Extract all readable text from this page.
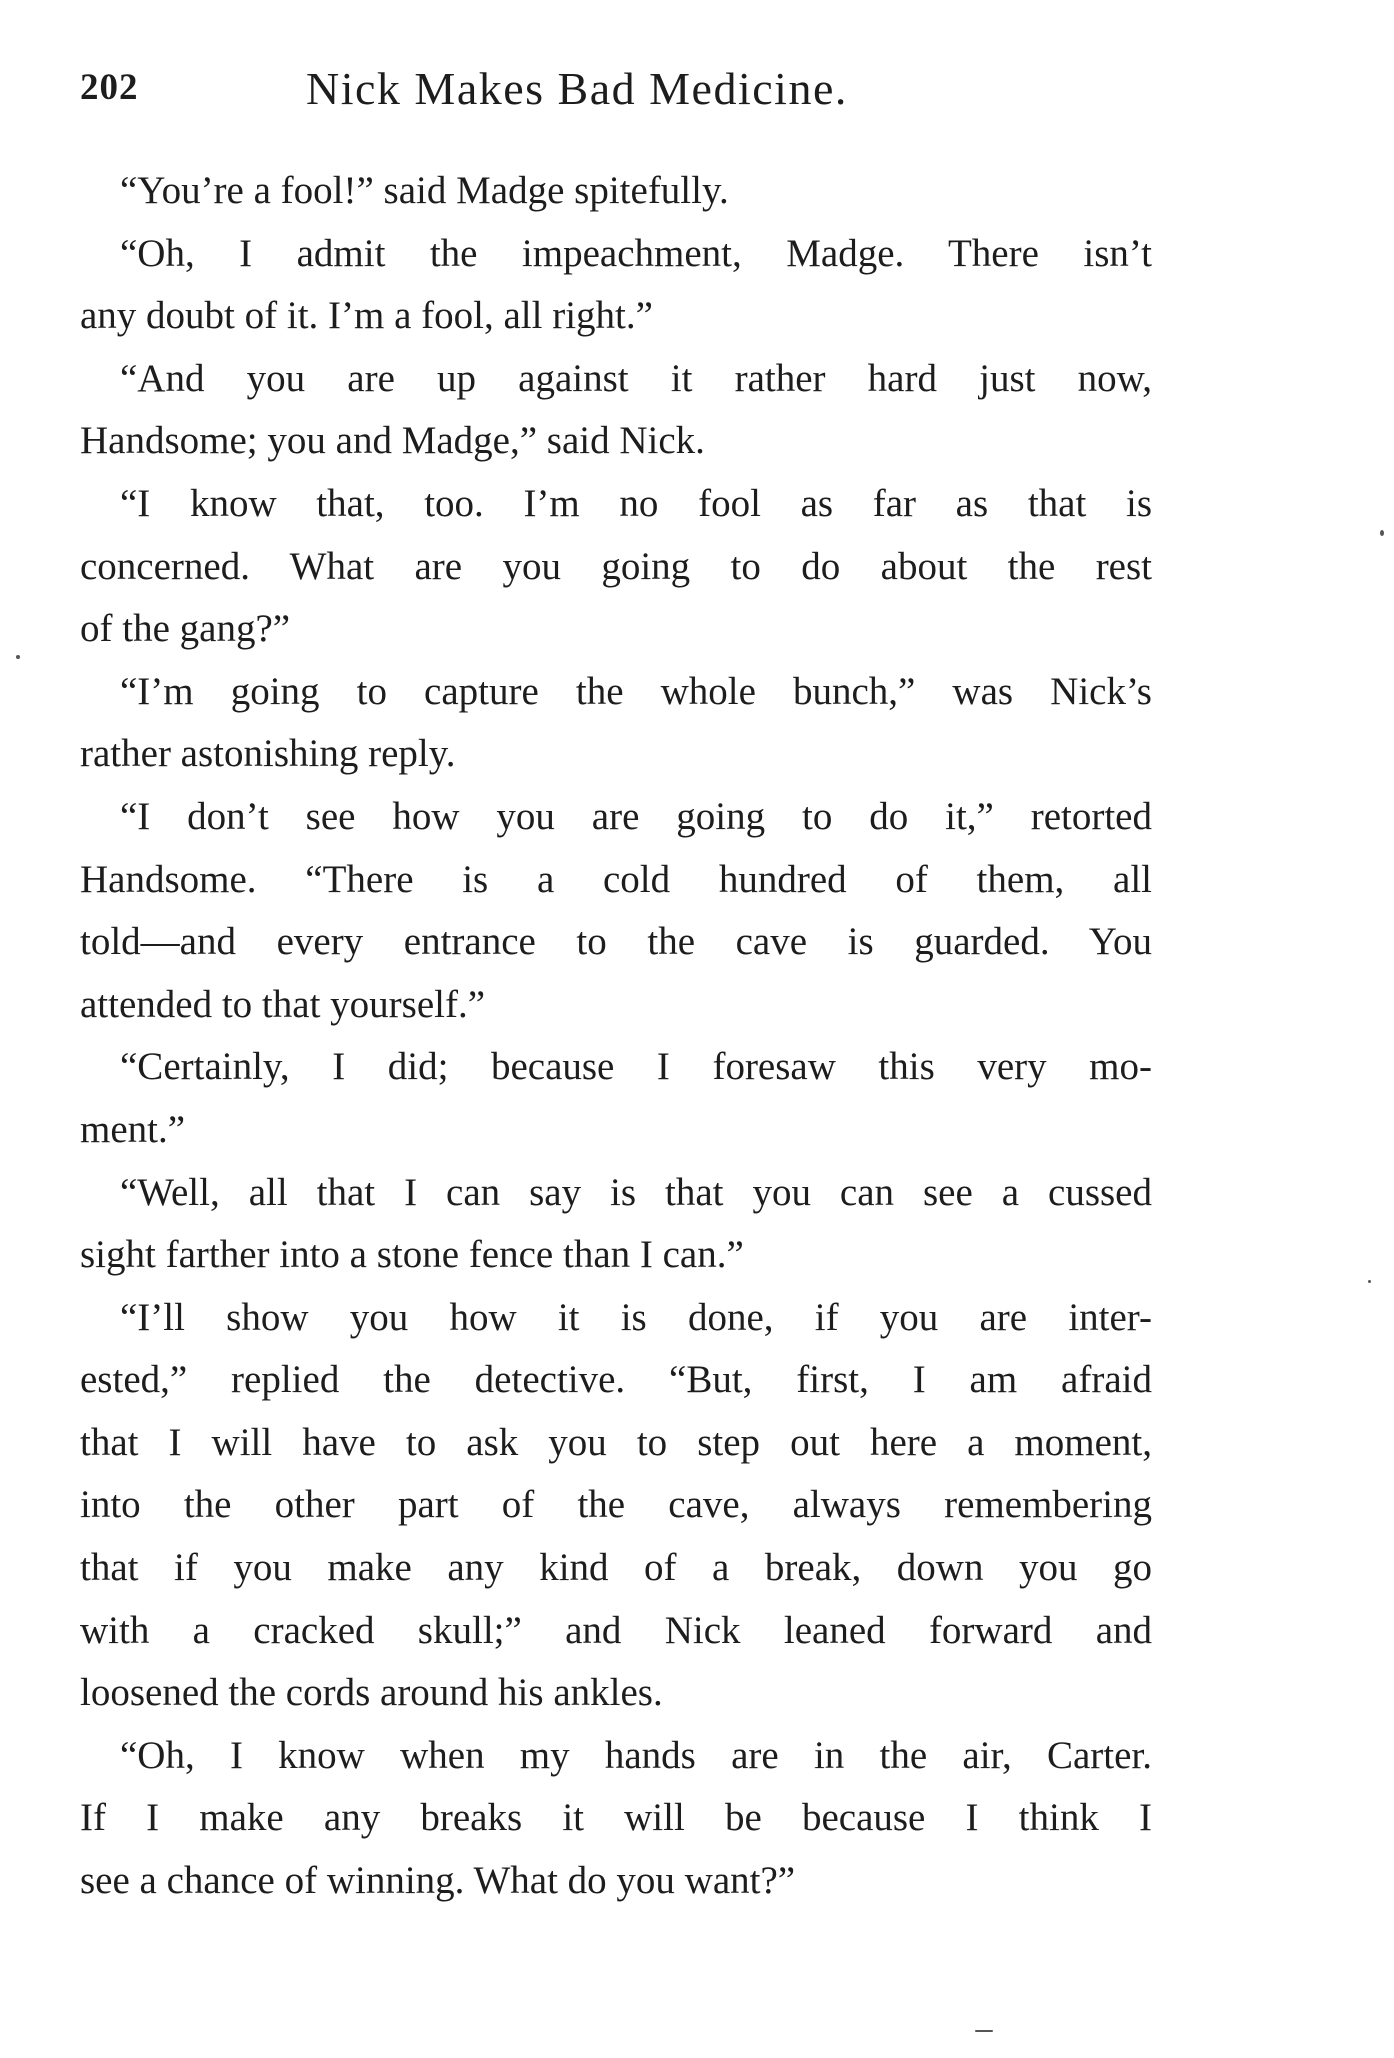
202	Nick Makes Bad Medicine.

“You’re a fool!” said Madge spitefully.

“Oh, I admit the impeachment, Madge. There isn’t
any doubt of it. I’m a fool, all right.”

“And you are up against it rather hard just now,
Handsome; you and Madge,” said Nick.

“I know that, too. I’m no fool as far as that is
concerned. What are you going to do about the rest
of the gang?”

“I’m going to capture the whole bunch,” was Nick’s
rather astonishing reply.

“I don’t see how you are going to do it,” retorted
Handsome. “There is a cold hundred of them, all
told—and every entrance to the cave is guarded. You
attended to that yourself.”

“Certainly, I did; because I foresaw this very mo-
ment.”

“Well, all that I can say is that you can see a cussed
sight farther into a stone fence than I can.”

“I’ll show you how it is done, if you are inter-
ested,” replied the detective. “But, first, I am afraid
that I will have to ask you to step out here a moment,
into the other part of the cave, always remembering
that if you make any kind of a break, down you go
with a cracked skull;” and Nick leaned forward and
loosened the cords around his ankles.

“Oh, I know when my hands are in the air, Carter.
If I make any breaks it will be because I think I
see a chance of winning. What do you want?”
